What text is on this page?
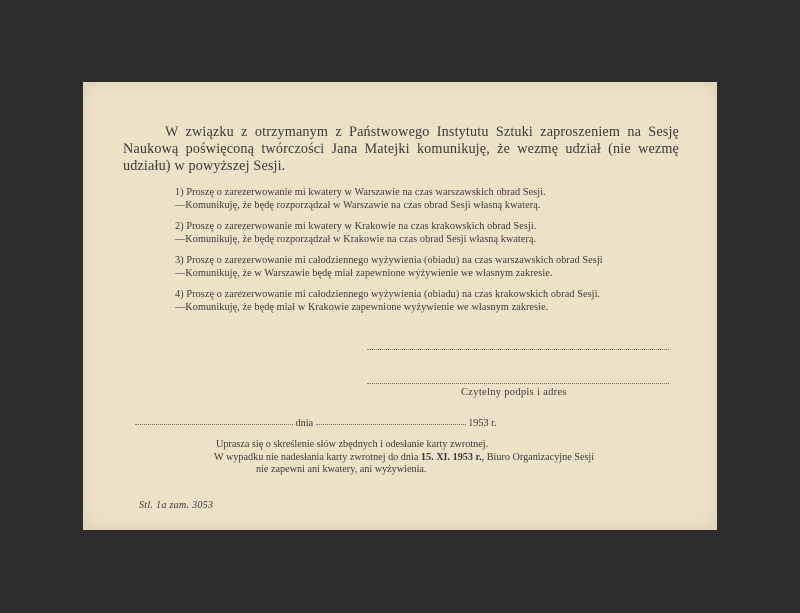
W związku z otrzymanym z Państwowego Instytutu Sztuki zaproszeniem na Sesję Naukową poświęconą twórczości Jana Matejki komunikuję, że wezmę udział (nie wezmę udziału) w powyższej Sesji.

1) Proszę o zarezerwowanie mi kwatery w Warszawie na czas warszawskich obrad Sesji.
—Komunikuję, że będę rozporządzał w Warszawie na czas obrad Sesji własną kwaterą.
2) Proszę o zarezerwowanie mi kwatery w Krakowie na czas krakowskich obrad Sesji.
—Komunikuję, że będę rozporządzał w Krakowie na czas obrad Sesji własną kwaterą.
3) Proszę o zarezerwowanie mi całodziennego wyżywienia (obiadu) na czas warszawskich obrad Sesji
—Komunikuję, że w Warszawie będę miał zapewnione wyżywienie we własnym zakresie.
4) Proszę o zarezerwowanie mi całodziennego wyżywienia (obiadu) na czas krakowskich obrad Sesji.
—Komunikuję, że będę miał w Krakowie zapewnione wyżywienie we własnym zakresie.
Czytelny podpis i adres
dnia	1953 r.
Uprasza się o skreślenie słów zbędnych i odesłanie karty zwrotnej.
W wypadku nie nadesłania karty zwrotnej do dnia 15. XI. 1953 r., Biuro Organizacyjne Sesji
nie zapewni ani kwatery, ani wyżywienia.
Stl. 1a zam. 3053
